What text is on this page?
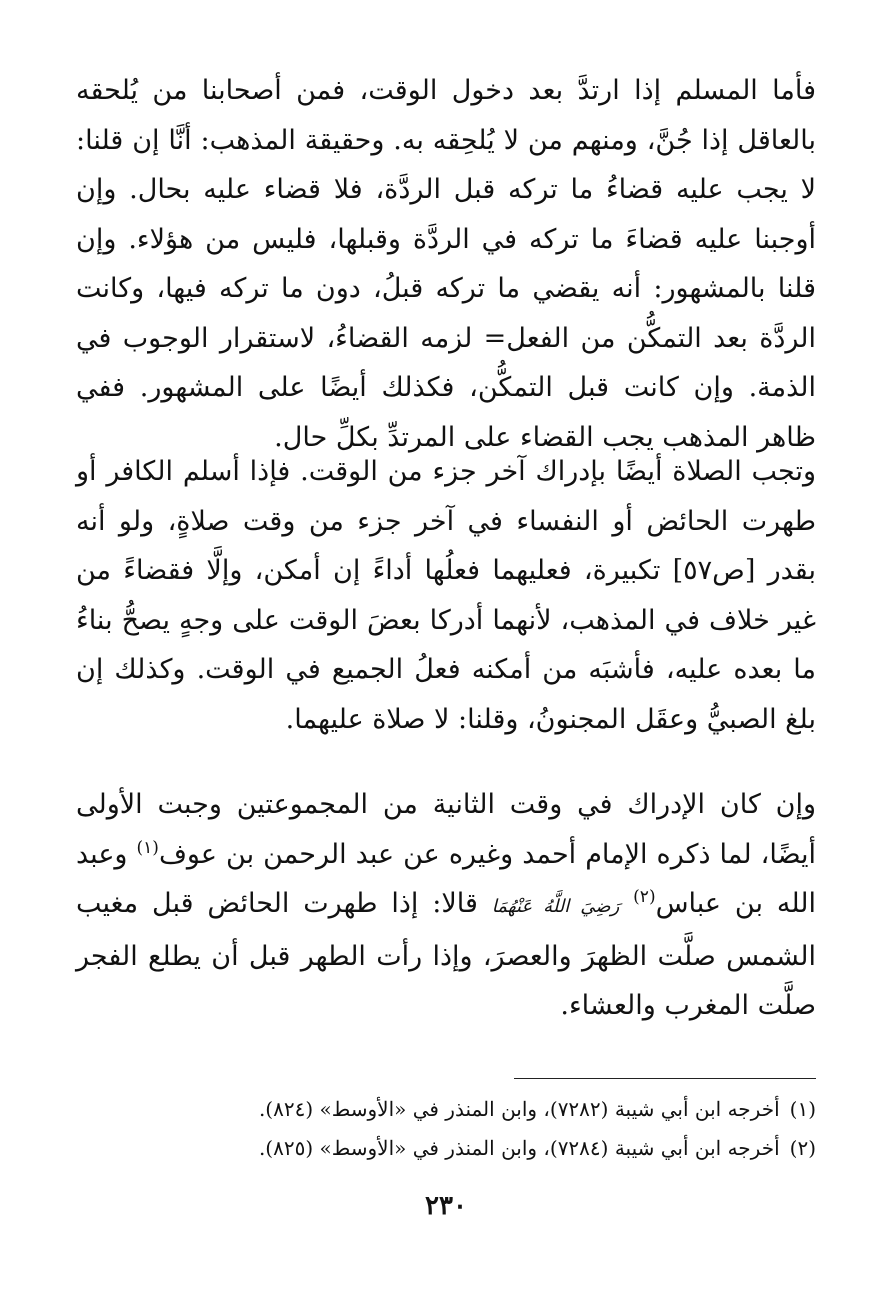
فأما المسلم إذا ارتدَّ بعد دخول الوقت، فمن أصحابنا من يُلحقه بالعاقل إذا جُنَّ، ومنهم من لا يُلحِقه به. وحقيقة المذهب: أنَّا إن قلنا: لا يجب عليه قضاءُ ما تركه قبل الردَّة، فلا قضاء عليه بحال. وإن أوجبنا عليه قضاءَ ما تركه في الردَّة وقبلها، فليس من هؤلاء. وإن قلنا بالمشهور: أنه يقضي ما تركه قبلُ، دون ما تركه فيها، وكانت الردَّة بعد التمكُّن من الفعل= لزمه القضاءُ، لاستقرار الوجوب في الذمة. وإن كانت قبل التمكُّن، فكذلك أيضًا على المشهور. ففي ظاهر المذهب يجب القضاء على المرتدِّ بكلِّ حال.

وتجب الصلاة أيضًا بإدراك آخر جزء من الوقت. فإذا أسلم الكافر أو طهرت الحائض أو النفساء في آخر جزء من وقت صلاةٍ، ولو أنه بقدر [ص٥٧] تكبيرة، فعليهما فعلُها أداءً إن أمكن، وإلَّا فقضاءً من غير خلاف في المذهب، لأنهما أدركا بعضَ الوقت على وجهٍ يصحُّ بناءُ ما بعده عليه، فأشبَه من أمكنه فعلُ الجميع في الوقت. وكذلك إن بلغ الصبيُّ وعقَل المجنونُ، وقلنا: لا صلاة عليهما.

وإن كان الإدراك في وقت الثانية من المجموعتين وجبت الأولى أيضًا، لما ذكره الإمام أحمد وغيره عن عبد الرحمن بن عوف$^{(١)}$ وعبد الله بن عباس$^{(٢)}$ رَضِيَ اللَّهُ عَنْهُمَا قالا: إذا طهرت الحائض قبل مغيب الشمس صلَّت الظهرَ والعصرَ، وإذا رأت الطهر قبل أن يطلع الفجر صلَّت المغرب والعشاء.

(١)أخرجه ابن أبي شيبة (٧٢٨٢)، وابن المنذر في «الأوسط» (٨٢٤).
(٢)أخرجه ابن أبي شيبة (٧٢٨٤)، وابن المنذر في «الأوسط» (٨٢٥).
٢٣٠
